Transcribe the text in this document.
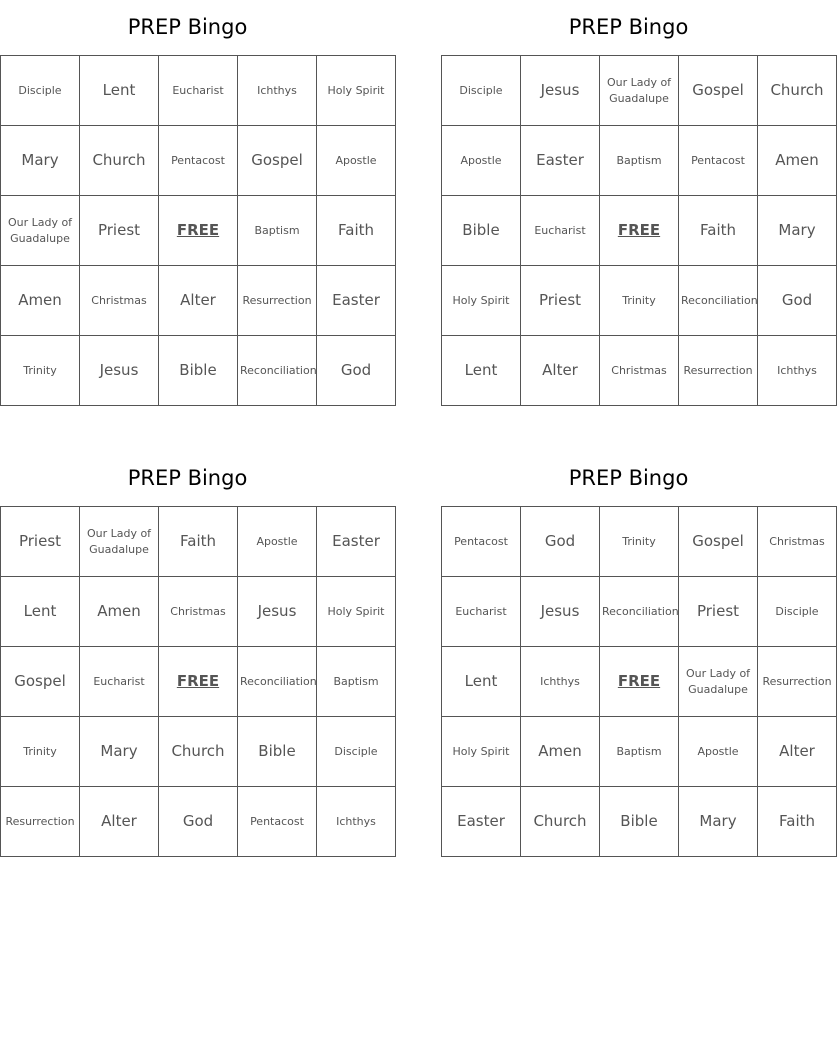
PREP Bingo
Disciple	Lent	Eucharist	Ichthys	Holy Spirit
Mary	Church	Pentacost	Gospel	Apostle
Our Lady of Guadalupe	Priest	FREE	Baptism	Faith
Amen	Christmas	Alter	Resurrection	Easter
Trinity	Jesus	Bible	Reconciliation	God
PREP Bingo
Disciple	Jesus	Our Lady of Guadalupe	Gospel	Church
Apostle	Easter	Baptism	Pentacost	Amen
Bible	Eucharist	FREE	Faith	Mary
Holy Spirit	Priest	Trinity	Reconciliation	God
Lent	Alter	Christmas	Resurrection	Ichthys
PREP Bingo
Priest	Our Lady of Guadalupe	Faith	Apostle	Easter
Lent	Amen	Christmas	Jesus	Holy Spirit
Gospel	Eucharist	FREE	Reconciliation	Baptism
Trinity	Mary	Church	Bible	Disciple
Resurrection	Alter	God	Pentacost	Ichthys
PREP Bingo
Pentacost	God	Trinity	Gospel	Christmas
Eucharist	Jesus	Reconciliation	Priest	Disciple
Lent	Ichthys	FREE	Our Lady of Guadalupe	Resurrection
Holy Spirit	Amen	Baptism	Apostle	Alter
Easter	Church	Bible	Mary	Faith
